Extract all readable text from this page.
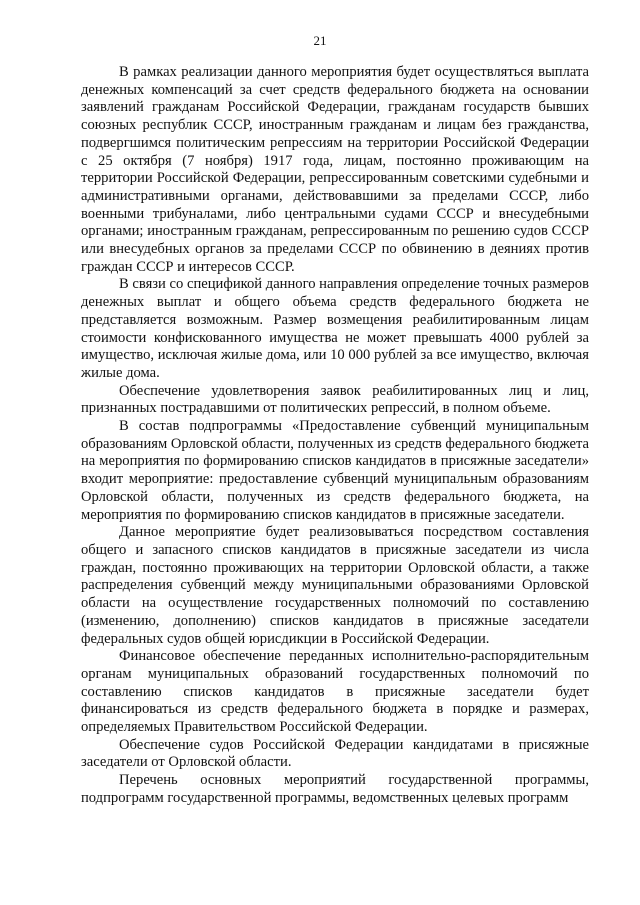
21

В рамках реализации данного мероприятия будет осуществляться выплата денежных компенсаций за счет средств федерального бюджета на основании заявлений гражданам Российской Федерации, гражданам государств бывших союзных республик СССР, иностранным гражданам и лицам без гражданства, подвергшимся политическим репрессиям на территории Российской Федерации с 25 октября (7 ноября) 1917 года, лицам, постоянно проживающим на территории Российской Федерации, репрессированным советскими судебными и административными органами, действовавшими за пределами СССР, либо военными трибуналами, либо центральными судами СССР и внесудебными органами; иностранным гражданам, репрессированным по решению судов СССР или внесудебных органов за пределами СССР по обвинению в деяниях против граждан СССР и интересов СССР.

В связи со спецификой данного направления определение точных размеров денежных выплат и общего объема средств федерального бюджета не представляется возможным. Размер возмещения реабилитированным лицам стоимости конфискованного имущества не может превышать 4000 рублей за имущество, исключая жилые дома, или 10 000 рублей за все имущество, включая жилые дома.

Обеспечение удовлетворения заявок реабилитированных лиц и лиц, признанных пострадавшими от политических репрессий, в полном объеме.

В состав подпрограммы «Предоставление субвенций муниципальным образованиям Орловской области, полученных из средств федерального бюджета на мероприятия по формированию списков кандидатов в присяжные заседатели» входит мероприятие: предоставление субвенций муниципальным образованиям Орловской области, полученных из средств федерального бюджета, на мероприятия по формированию списков кандидатов в присяжные заседатели.

Данное мероприятие будет реализовываться посредством составления общего и запасного списков кандидатов в присяжные заседатели из числа граждан, постоянно проживающих на территории Орловской области, а также распределения субвенций между муниципальными образованиями Орловской области на осуществление государственных полномочий по составлению (изменению, дополнению) списков кандидатов в присяжные заседатели федеральных судов общей юрисдикции в Российской Федерации.

Финансовое обеспечение переданных исполнительно-распорядительным органам муниципальных образований государственных полномочий по составлению списков кандидатов в присяжные заседатели будет финансироваться из средств федерального бюджета в порядке и размерах, определяемых Правительством Российской Федерации.

Обеспечение судов Российской Федерации кандидатами в присяжные заседатели от Орловской области.

Перечень основных мероприятий государственной программы, подпрограмм государственной программы, ведомственных целевых программ
